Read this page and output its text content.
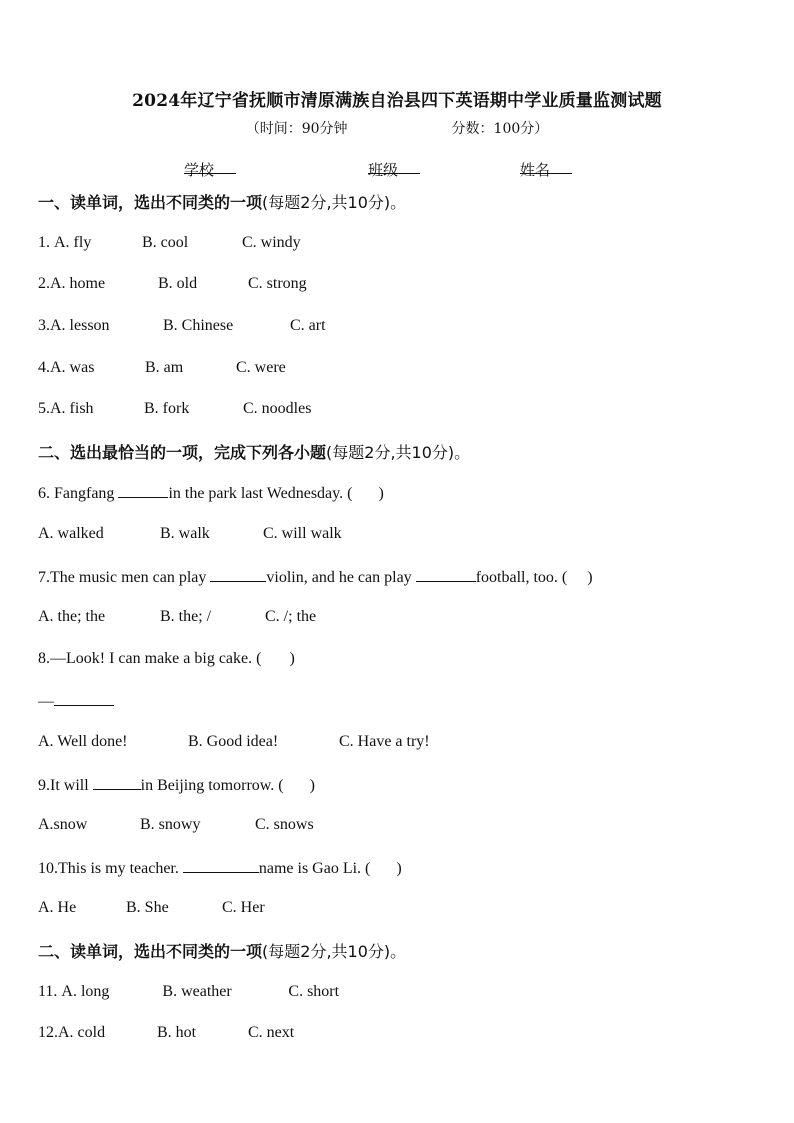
2024年辽宁省抚顺市清原满族自治县四下英语期中学业质量监测试题
（时间：90分钟	分数：100分）
学校	班级	姓名
一、读单词，选出不同类的一项(每题2分,共10分)。
1. A. fly	B. cool	C. windy
2.A. home	B. old	C. strong
3.A. lesson	B. Chinese	C. art
4.A. was	B. am	C. were
5.A. fish	B. fork	C. noodles
二、选出最恰当的一项，完成下列各小题(每题2分,共10分)。
6. Fangfang	in the park last Wednesday. ( )
A. walked	B. walk	C. will walk
7.The music men can play	violin, and he can play	football, too. ( )
A. the; the	B. the; /	C. /; the
8.—Look! I can make a big cake. ( )
—
A. Well done!	B. Good idea!	C. Have a try!
9.It will	in Beijing tomorrow. ( )
A.snow	B. snowy	C. snows
10.This is my teacher.	name is Gao Li. ( )
A. He	B. She	C. Her
二、读单词，选出不同类的一项(每题2分,共10分)。
11. A. long	B. weather	C. short
12.A. cold	B. hot	C. next
